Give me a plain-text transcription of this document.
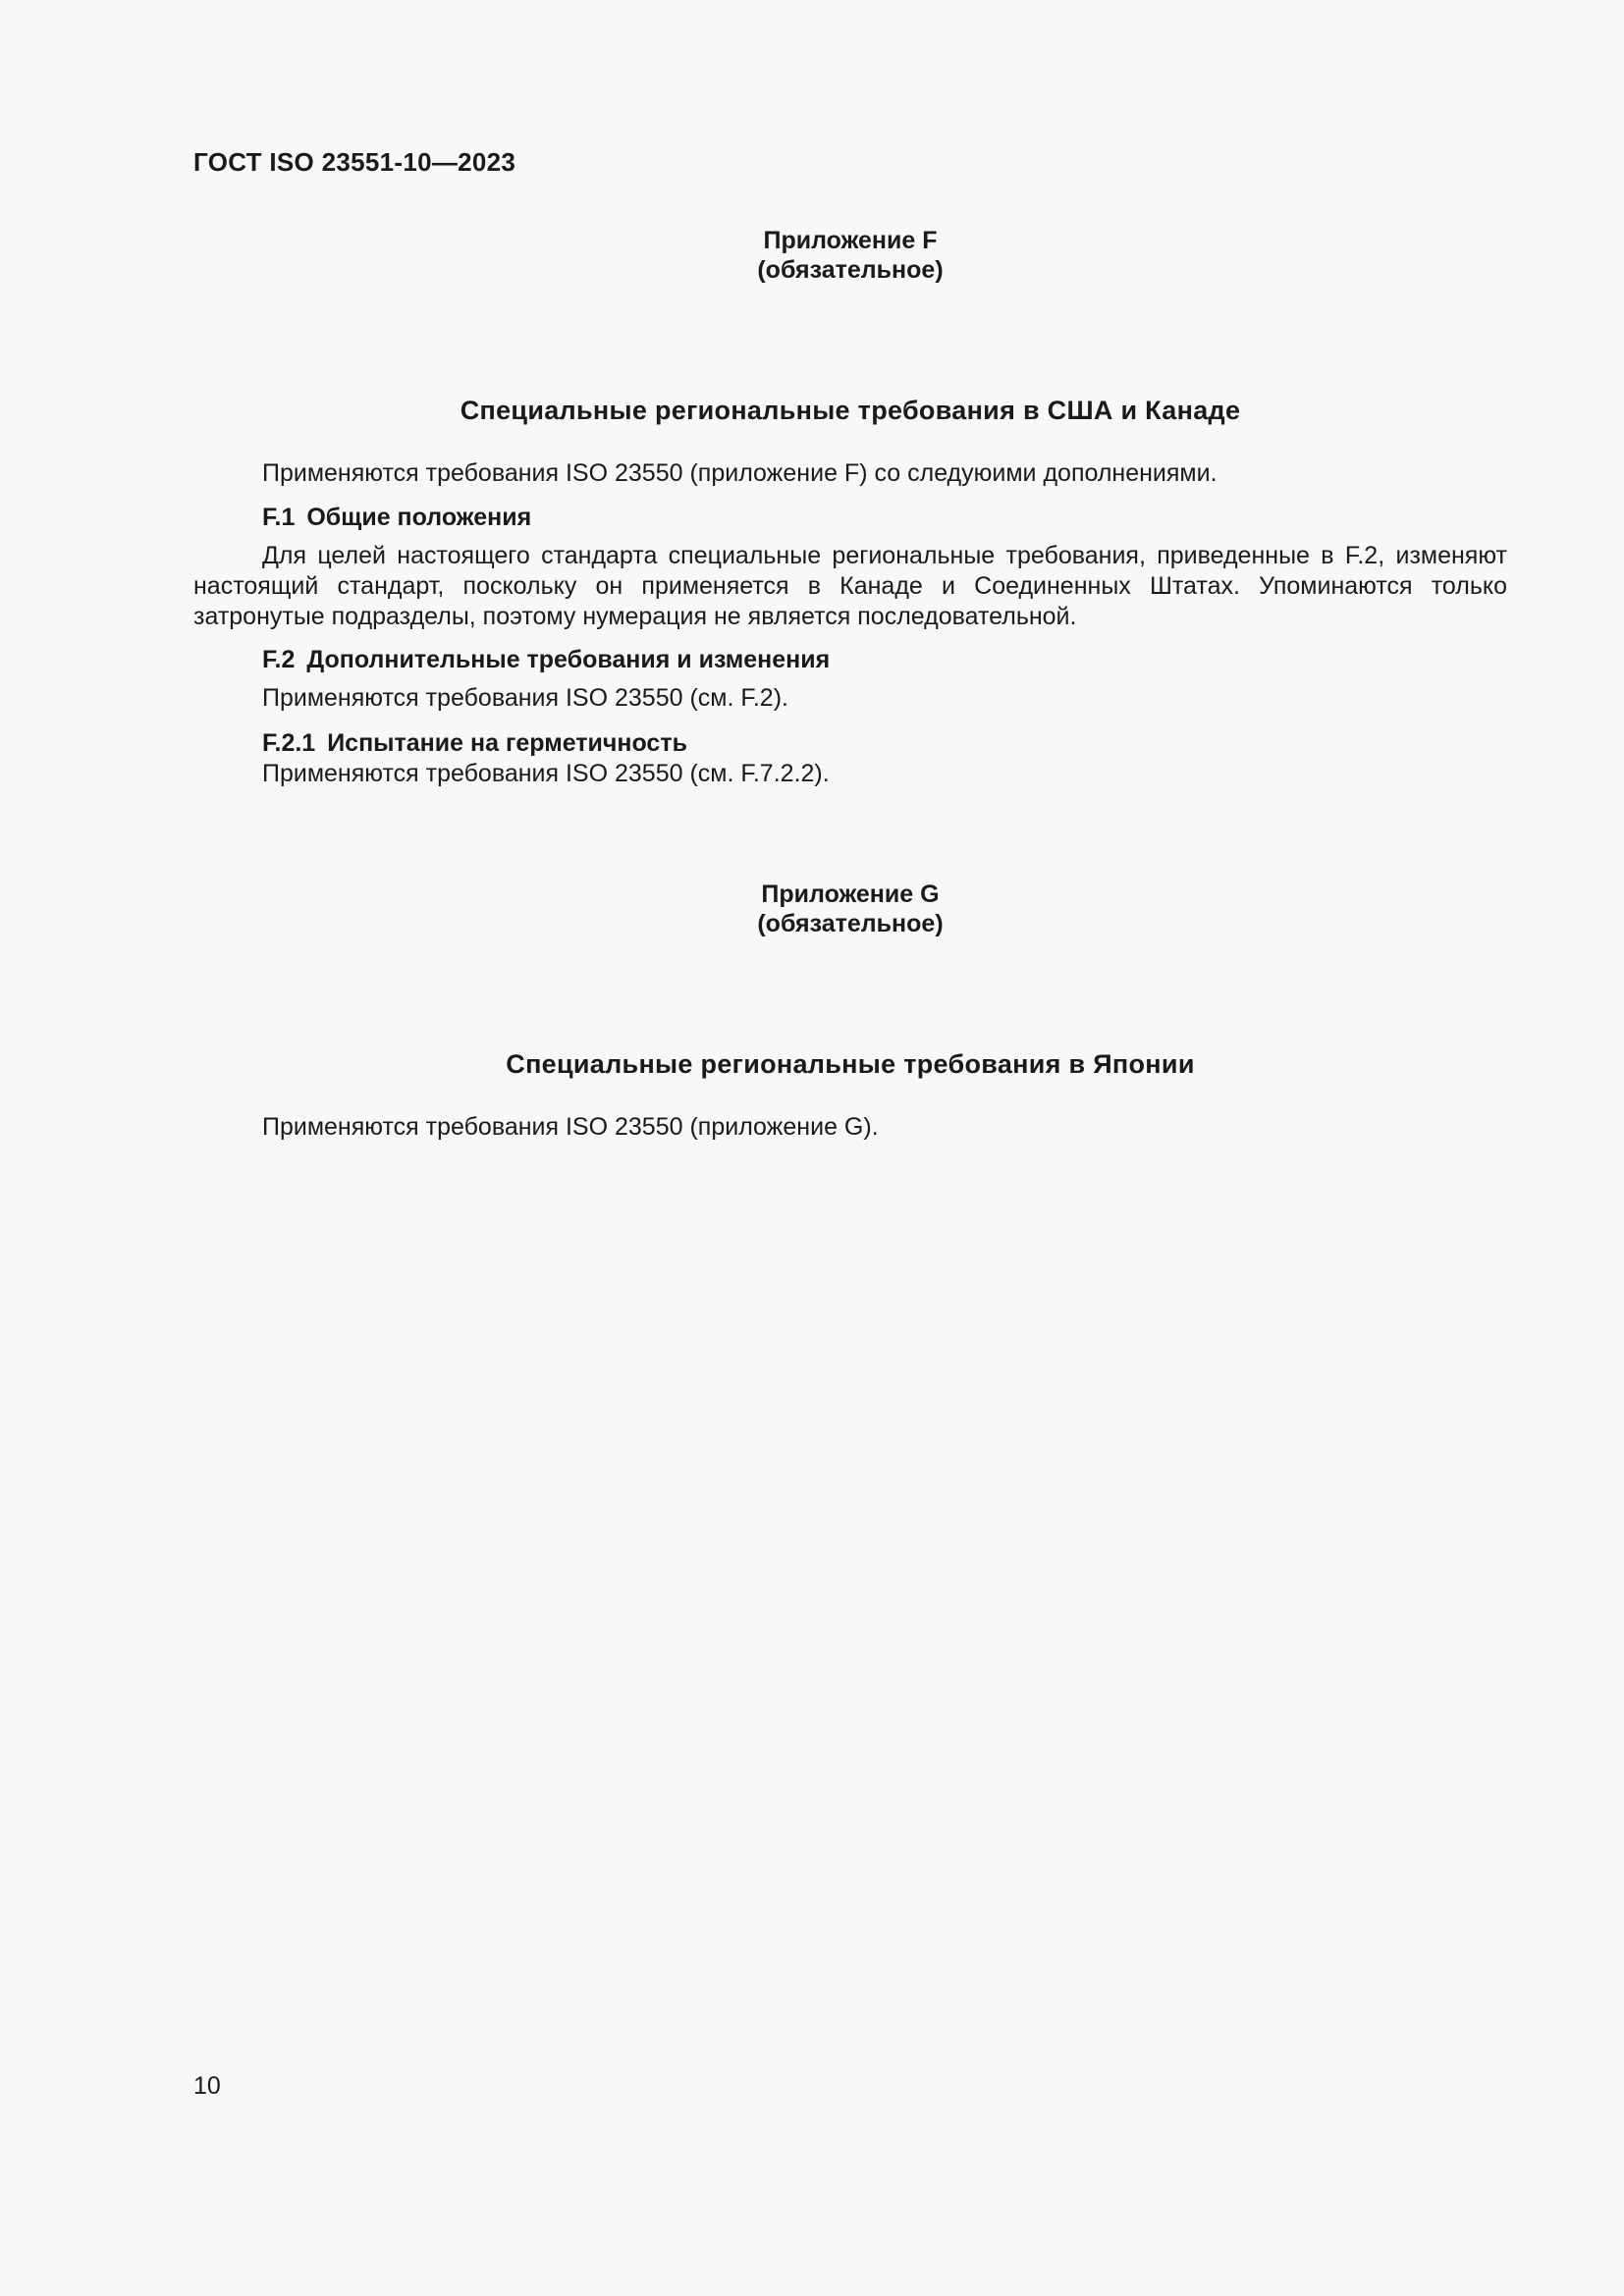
ГОСТ ISO 23551-10—2023
Приложение F
(обязательное)
Специальные региональные требования в США и Канаде
Применяются требования ISO 23550 (приложение F) со следуюими дополнениями.
F.1 Общие положения
Для целей настоящего стандарта специальные региональные требования, приведенные в F.2, изменяют настоящий стандарт, поскольку он применяется в Канаде и Соединенных Штатах. Упоминаются только затронутые подразделы, поэтому нумерация не является последовательной.
F.2 Дополнительные требования и изменения
Применяются требования ISO 23550 (см. F.2).
F.2.1 Испытание на герметичность
Применяются требования ISO 23550 (см. F.7.2.2).
Приложение G
(обязательное)
Специальные региональные требования в Японии
Применяются требования ISO 23550 (приложение G).
10
